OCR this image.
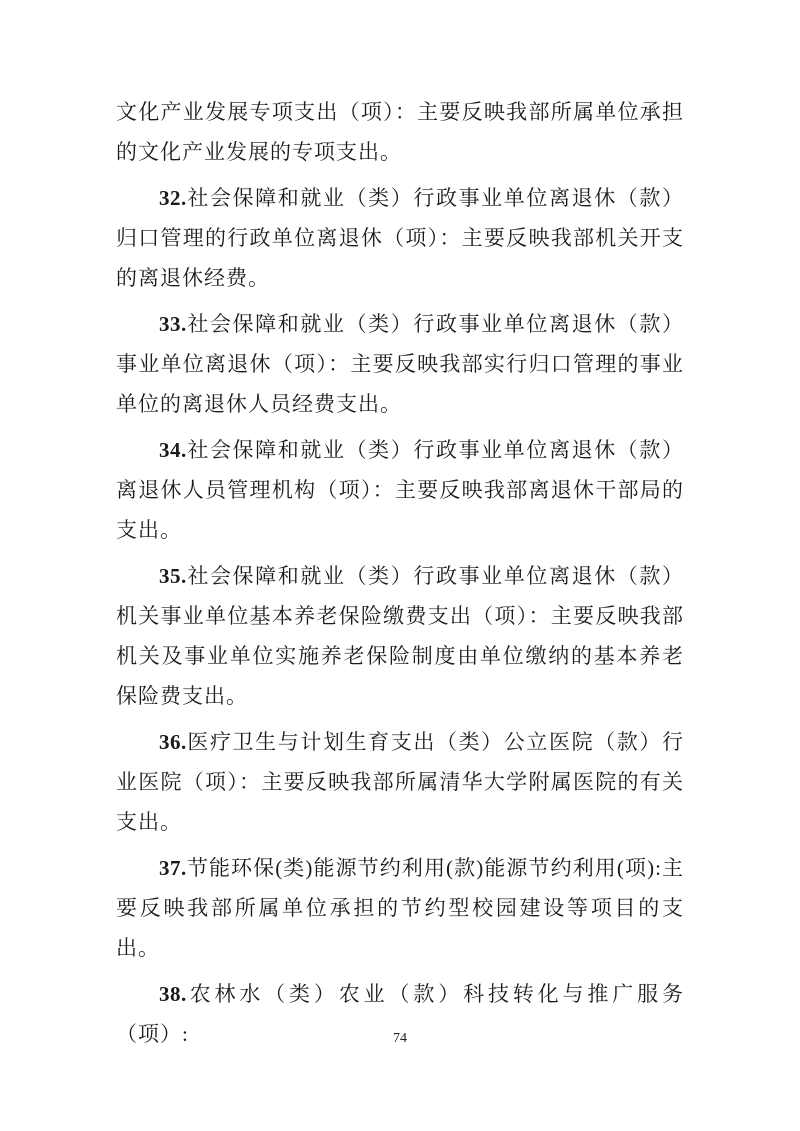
文化产业发展专项支出（项）：主要反映我部所属单位承担的文化产业发展的专项支出。

32.社会保障和就业（类）行政事业单位离退休（款）归口管理的行政单位离退休（项）：主要反映我部机关开支的离退休经费。

33.社会保障和就业（类）行政事业单位离退休（款）事业单位离退休（项）：主要反映我部实行归口管理的事业单位的离退休人员经费支出。

34.社会保障和就业（类）行政事业单位离退休（款）离退休人员管理机构（项）：主要反映我部离退休干部局的支出。

35.社会保障和就业（类）行政事业单位离退休（款）机关事业单位基本养老保险缴费支出（项）：主要反映我部机关及事业单位实施养老保险制度由单位缴纳的基本养老保险费支出。

36.医疗卫生与计划生育支出（类）公立医院（款）行业医院（项）：主要反映我部所属清华大学附属医院的有关支出。

37.节能环保(类)能源节约利用(款)能源节约利用(项):主要反映我部所属单位承担的节约型校园建设等项目的支出。

38.农林水（类）农业（款）科技转化与推广服务（项）:	74
